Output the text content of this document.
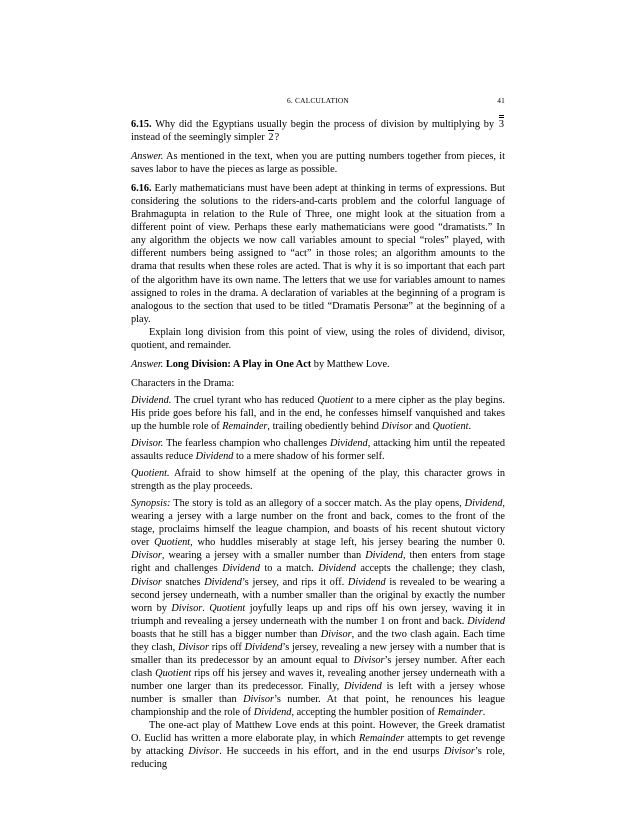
6. CALCULATION	41

6.15. Why did the Egyptians usually begin the process of division by multiplying by 3 instead of the seemingly simpler 2?

Answer. As mentioned in the text, when you are putting numbers together from pieces, it saves labor to have the pieces as large as possible.

6.16. Early mathematicians must have been adept at thinking in terms of expressions. But considering the solutions to the riders-and-carts problem and the colorful language of Brahmagupta in relation to the Rule of Three, one might look at the situation from a different point of view. Perhaps these early mathematicians were good “dramatists.” In any algorithm the objects we now call variables amount to special “roles” played, with different numbers being assigned to “act” in those roles; an algorithm amounts to the drama that results when these roles are acted. That is why it is so important that each part of the algorithm have its own name. The letters that we use for variables amount to names assigned to roles in the drama. A declaration of variables at the beginning of a program is analogous to the section that used to be titled “Dramatis Personæ” at the beginning of a play.

Explain long division from this point of view, using the roles of dividend, divisor, quotient, and remainder.

Answer. Long Division: A Play in One Act by Matthew Love.

Characters in the Drama:

Dividend. The cruel tyrant who has reduced Quotient to a mere cipher as the play begins. His pride goes before his fall, and in the end, he confesses himself vanquished and takes up the humble role of Remainder, trailing obediently behind Divisor and Quotient.

Divisor. The fearless champion who challenges Dividend, attacking him until the repeated assaults reduce Dividend to a mere shadow of his former self.

Quotient. Afraid to show himself at the opening of the play, this character grows in strength as the play proceeds.

Synopsis: The story is told as an allegory of a soccer match. As the play opens, Dividend, wearing a jersey with a large number on the front and back, comes to the front of the stage, proclaims himself the league champion, and boasts of his recent shutout victory over Quotient, who huddles miserably at stage left, his jersey bearing the number 0. Divisor, wearing a jersey with a smaller number than Dividend, then enters from stage right and challenges Dividend to a match. Dividend accepts the challenge; they clash, Divisor snatches Dividend’s jersey, and rips it off. Dividend is revealed to be wearing a second jersey underneath, with a number smaller than the original by exactly the number worn by Divisor. Quotient joyfully leaps up and rips off his own jersey, waving it in triumph and revealing a jersey underneath with the number 1 on front and back. Dividend boasts that he still has a bigger number than Divisor, and the two clash again. Each time they clash, Divisor rips off Dividend’s jersey, revealing a new jersey with a number that is smaller than its predecessor by an amount equal to Divisor’s jersey number. After each clash Quotient rips off his jersey and waves it, revealing another jersey underneath with a number one larger than its predecessor. Finally, Dividend is left with a jersey whose number is smaller than Divisor’s number. At that point, he renounces his league championship and the role of Dividend, accepting the humbler position of Remainder.

The one-act play of Matthew Love ends at this point. However, the Greek dramatist O. Euclid has written a more elaborate play, in which Remainder attempts to get revenge by attacking Divisor. He succeeds in his effort, and in the end usurps Divisor’s role, reducing
